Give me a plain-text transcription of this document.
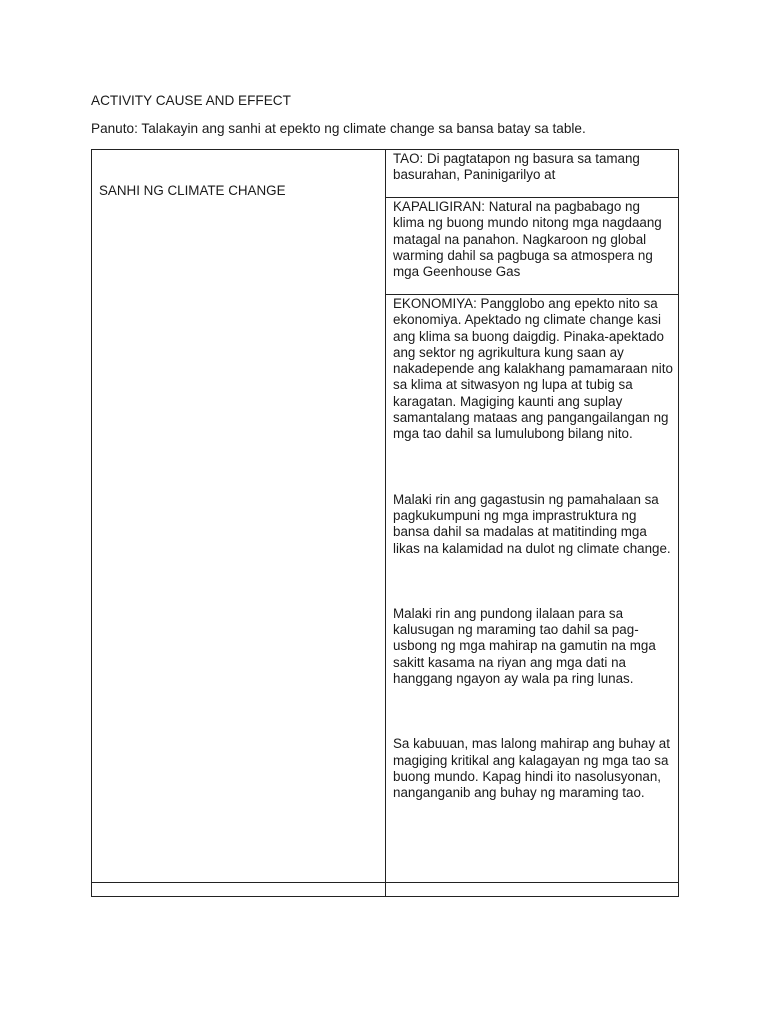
ACTIVITY CAUSE AND EFFECT
Panuto: Talakayin ang sanhi at epekto ng climate change sa bansa batay sa table.
SANHI NG CLIMATE CHANGE	TAO: Di pagtatapon ng basura sa tamang basurahan, Paninigarilyo at

	KAPALIGIRAN: Natural na pagbabago ng klima ng buong mundo nitong mga nagdaang matagal na panahon. Nagkaroon ng global warming dahil sa pagbuga sa atmospera ng mga Geenhouse Gas

	EKONOMIYA: Pangglobo ang epekto nito sa ekonomiya. Apektado ng climate change kasi ang klima sa buong daigdig. Pinaka-apektado ang sektor ng agrikultura kung saan ay nakadepende ang kalakhang pamamaraan nito sa klima at sitwasyon ng lupa at tubig sa karagatan. Magiging kaunti ang suplay samantalang mataas ang pangangailangan ng mga tao dahil sa lumulubong bilang nito.

Malaki rin ang gagastusin ng pamahalaan sa pagkukumpuni ng mga imprastruktura ng bansa dahil sa madalas at matitinding mga likas na kalamidad na dulot ng climate change.

Malaki rin ang pundong ilalaan para sa kalusugan ng maraming tao dahil sa pag-usbong ng mga mahirap na gamutin na mga sakitt kasama na riyan ang mga dati na hanggang ngayon ay wala pa ring lunas.

Sa kabuuan, mas lalong mahirap ang buhay at magiging kritikal ang kalagayan ng mga tao sa buong mundo. Kapag hindi ito nasolusyonan, nanganganib ang buhay ng maraming tao.
